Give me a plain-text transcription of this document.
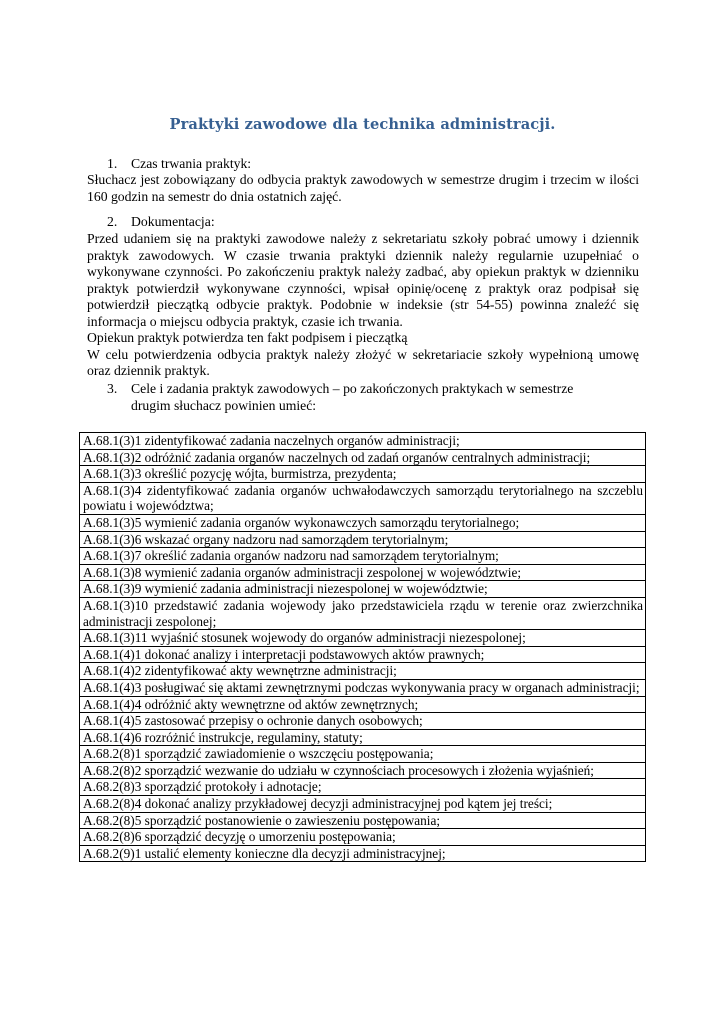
Praktyki zawodowe dla technika administracji.
1. Czas trwania praktyk:

Słuchacz jest zobowiązany do odbycia praktyk zawodowych w semestrze drugim i trzecim w ilości 160 godzin na semestr do dnia ostatnich zajęć.

2. Dokumentacja:

Przed udaniem się na praktyki zawodowe należy z sekretariatu szkoły pobrać umowy i dziennik praktyk zawodowych. W czasie trwania praktyki dziennik należy regularnie uzupełniać o wykonywane czynności. Po zakończeniu praktyk należy zadbać, aby opiekun praktyk w dzienniku praktyk potwierdził wykonywane czynności, wpisał opinię/ocenę z praktyk oraz podpisał się potwierdził pieczątką odbycie praktyk. Podobnie w indeksie (str 54-55) powinna znaleźć się informacja o miejscu odbycia praktyk, czasie ich trwania.

Opiekun praktyk potwierdza ten fakt podpisem i pieczątką

W celu potwierdzenia odbycia praktyk należy złożyć w sekretariacie szkoły wypełnioną umowę oraz dziennik praktyk.

3. Cele i zadania praktyk zawodowych – po zakończonych praktykach w semestrze
drugim słuchacz powinien umieć:
A.68.1(3)1 zidentyfikować zadania naczelnych organów administracji;
A.68.1(3)2 odróżnić zadania organów naczelnych od zadań organów centralnych administracji;
A.68.1(3)3 określić pozycję wójta, burmistrza, prezydenta;
A.68.1(3)4 zidentyfikować zadania organów uchwałodawczych samorządu terytorialnego na szczeblu powiatu i województwa;
A.68.1(3)5 wymienić zadania organów wykonawczych samorządu terytorialnego;
A.68.1(3)6 wskazać organy nadzoru nad samorządem terytorialnym;
A.68.1(3)7 określić zadania organów nadzoru nad samorządem terytorialnym;
A.68.1(3)8 wymienić zadania organów administracji zespolonej w województwie;
A.68.1(3)9 wymienić zadania administracji niezespolonej w województwie;
A.68.1(3)10 przedstawić zadania wojewody jako przedstawiciela rządu w terenie oraz zwierzchnika administracji zespolonej;
A.68.1(3)11 wyjaśnić stosunek wojewody do organów administracji niezespolonej;
A.68.1(4)1 dokonać analizy i interpretacji podstawowych aktów prawnych;
A.68.1(4)2 zidentyfikować akty wewnętrzne administracji;
A.68.1(4)3 posługiwać się aktami zewnętrznymi podczas wykonywania pracy w organach administracji;
A.68.1(4)4 odróżnić akty wewnętrzne od aktów zewnętrznych;
A.68.1(4)5 zastosować przepisy o ochronie danych osobowych;
A.68.1(4)6 rozróżnić instrukcje, regulaminy, statuty;
A.68.2(8)1 sporządzić zawiadomienie o wszczęciu postępowania;
A.68.2(8)2 sporządzić wezwanie do udziału w czynnościach procesowych i złożenia wyjaśnień;
A.68.2(8)3 sporządzić protokoły i adnotacje;
A.68.2(8)4 dokonać analizy przykładowej decyzji administracyjnej pod kątem jej treści;
A.68.2(8)5 sporządzić postanowienie o zawieszeniu postępowania;
A.68.2(8)6 sporządzić decyzję o umorzeniu postępowania;
A.68.2(9)1 ustalić elementy konieczne dla decyzji administracyjnej;
